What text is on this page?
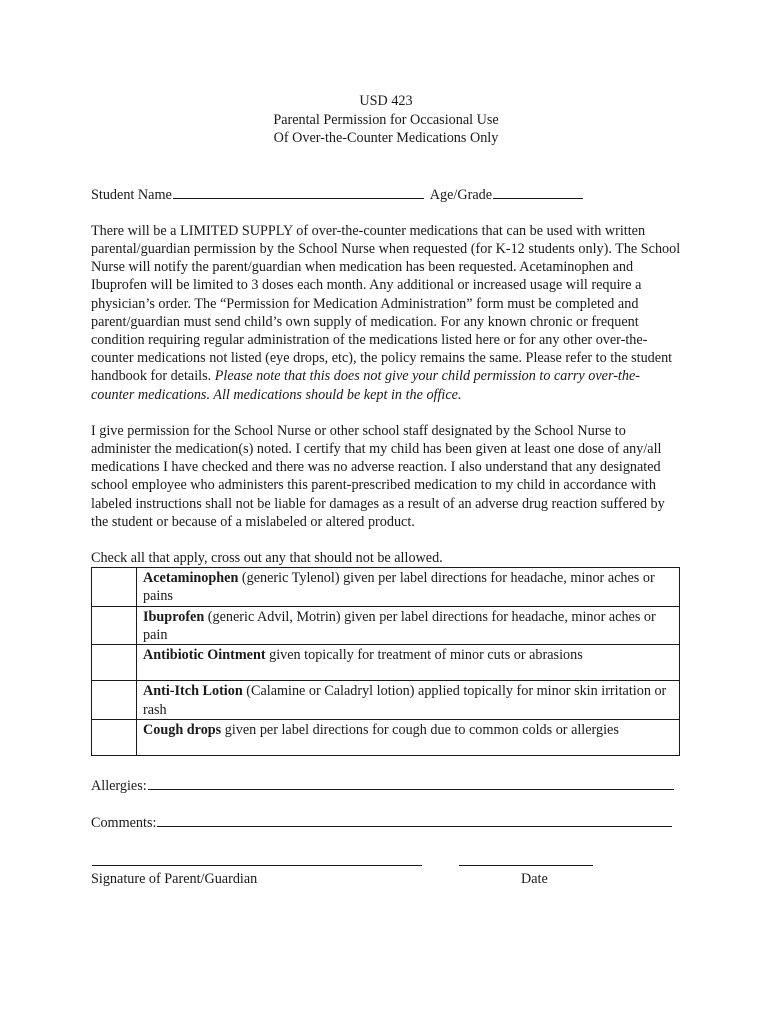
USD 423
Parental Permission for Occasional Use
Of Over-the-Counter Medications Only
Student Name	Age/Grade

There will be a LIMITED SUPPLY of over-the-counter medications that can be used with written parental/guardian permission by the School Nurse when requested (for K-12 students only). The School Nurse will notify the parent/guardian when medication has been requested. Acetaminophen and Ibuprofen will be limited to 3 doses each month. Any additional or increased usage will require a physician’s order. The “Permission for Medication Administration” form must be completed and parent/guardian must send child’s own supply of medication. For any known chronic or frequent condition requiring regular administration of the medications listed here or for any other over-the-counter medications not listed (eye drops, etc), the policy remains the same. Please refer to the student handbook for details. Please note that this does not give your child permission to carry over-the-counter medications. All medications should be kept in the office.

I give permission for the School Nurse or other school staff designated by the School Nurse to administer the medication(s) noted. I certify that my child has been given at least one dose of any/all medications I have checked and there was no adverse reaction. I also understand that any designated school employee who administers this parent-prescribed medication to my child in accordance with labeled instructions shall not be liable for damages as a result of an adverse drug reaction suffered by the student or because of a mislabeled or altered product.

Check all that apply, cross out any that should not be allowed.

	Acetaminophen (generic Tylenol) given per label directions for headache, minor aches or pains
	Ibuprofen (generic Advil, Motrin) given per label directions for headache, minor aches or pain
	Antibiotic Ointment given topically for treatment of minor cuts or abrasions
	Anti-Itch Lotion (Calamine or Caladryl lotion) applied topically for minor skin irritation or rash
	Cough drops given per label directions for cough due to common colds or allergies
Allergies:
Comments:
Signature of Parent/Guardian	Date
